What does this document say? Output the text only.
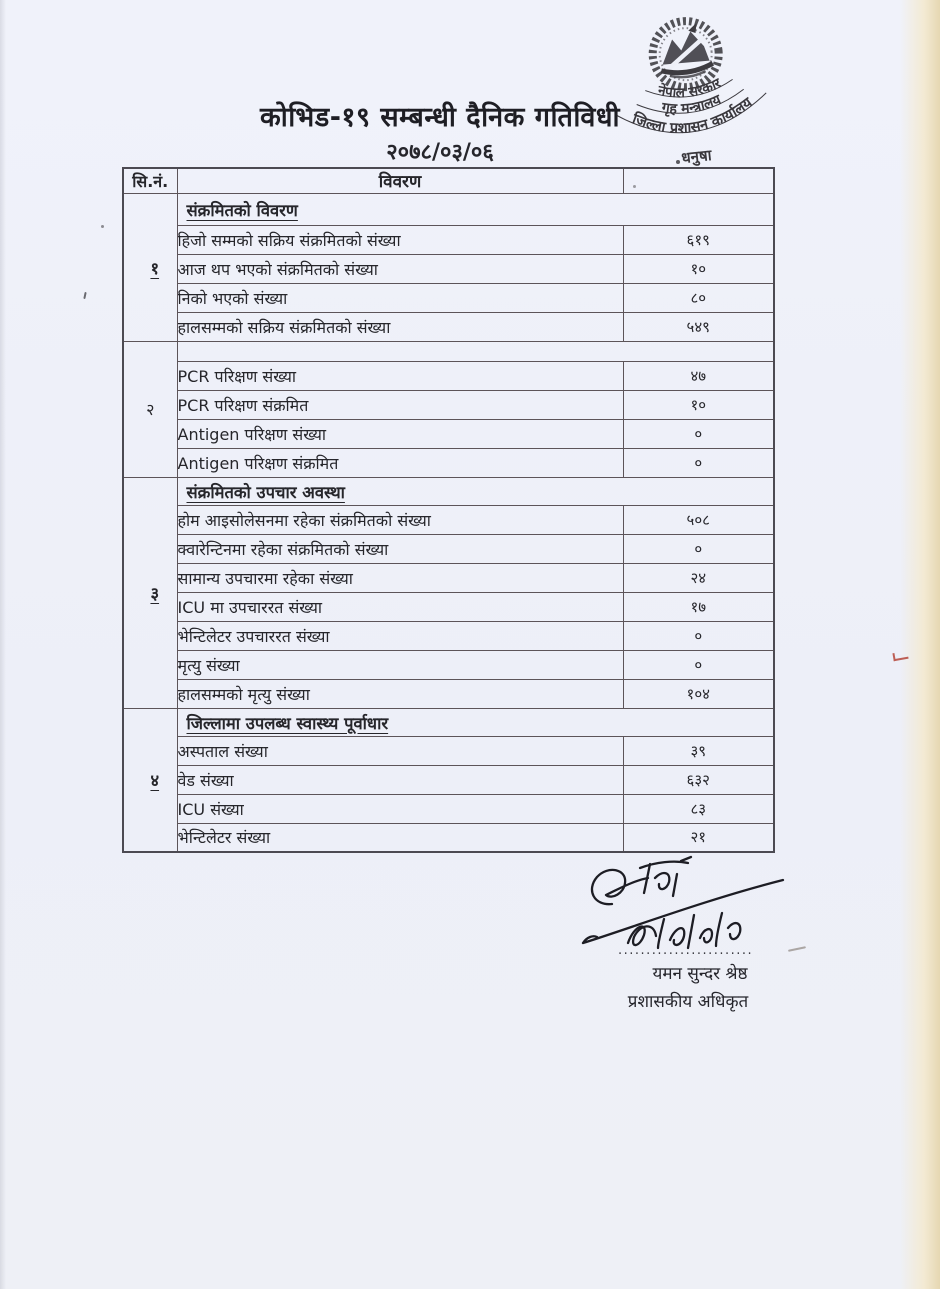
नेपाल सरकार
गृह मन्त्रालय
जिल्ला प्रशासन कार्यालय
धनुषा
कोभिड-१९ सम्बन्धी दैनिक गतिविधी
२०७८/०३/०६
सि.नं.	विवरण	
१	संक्रमितको विवरण	
	हिजो सम्मको सक्रिय संक्रमितको संख्या	६१९
	आज थप भएको संक्रमितको संख्या	१०
	निको भएको संख्या	८०
	हालसम्मको सक्रिय संक्रमितको संख्या	५४९
२		
	PCR परिक्षण संख्या	४७
	PCR परिक्षण संक्रमित	१०
	Antigen परिक्षण संख्या	०
	Antigen परिक्षण संक्रमित	०
३	संक्रमितको उपचार अवस्था	
	होम आइसोलेसनमा रहेका संक्रमितको संख्या	५०८
	क्वारेन्टिनमा रहेका संक्रमितको संख्या	०
	सामान्य उपचारमा रहेका संख्या	२४
	ICU मा उपचाररत संख्या	१७
	भेन्टिलेटर उपचाररत संख्या	०
	मृत्यु संख्या	०
	हालसम्मको मृत्यु संख्या	१०४
४	जिल्लामा उपलब्ध स्वास्थ्य पूर्वाधार	
	अस्पताल संख्या	३९
	वेड संख्या	६३२
	ICU संख्या	८३
	भेन्टिलेटर संख्या	२१
........................
यमन सुन्दर श्रेष्ठ
प्रशासकीय अधिकृत
